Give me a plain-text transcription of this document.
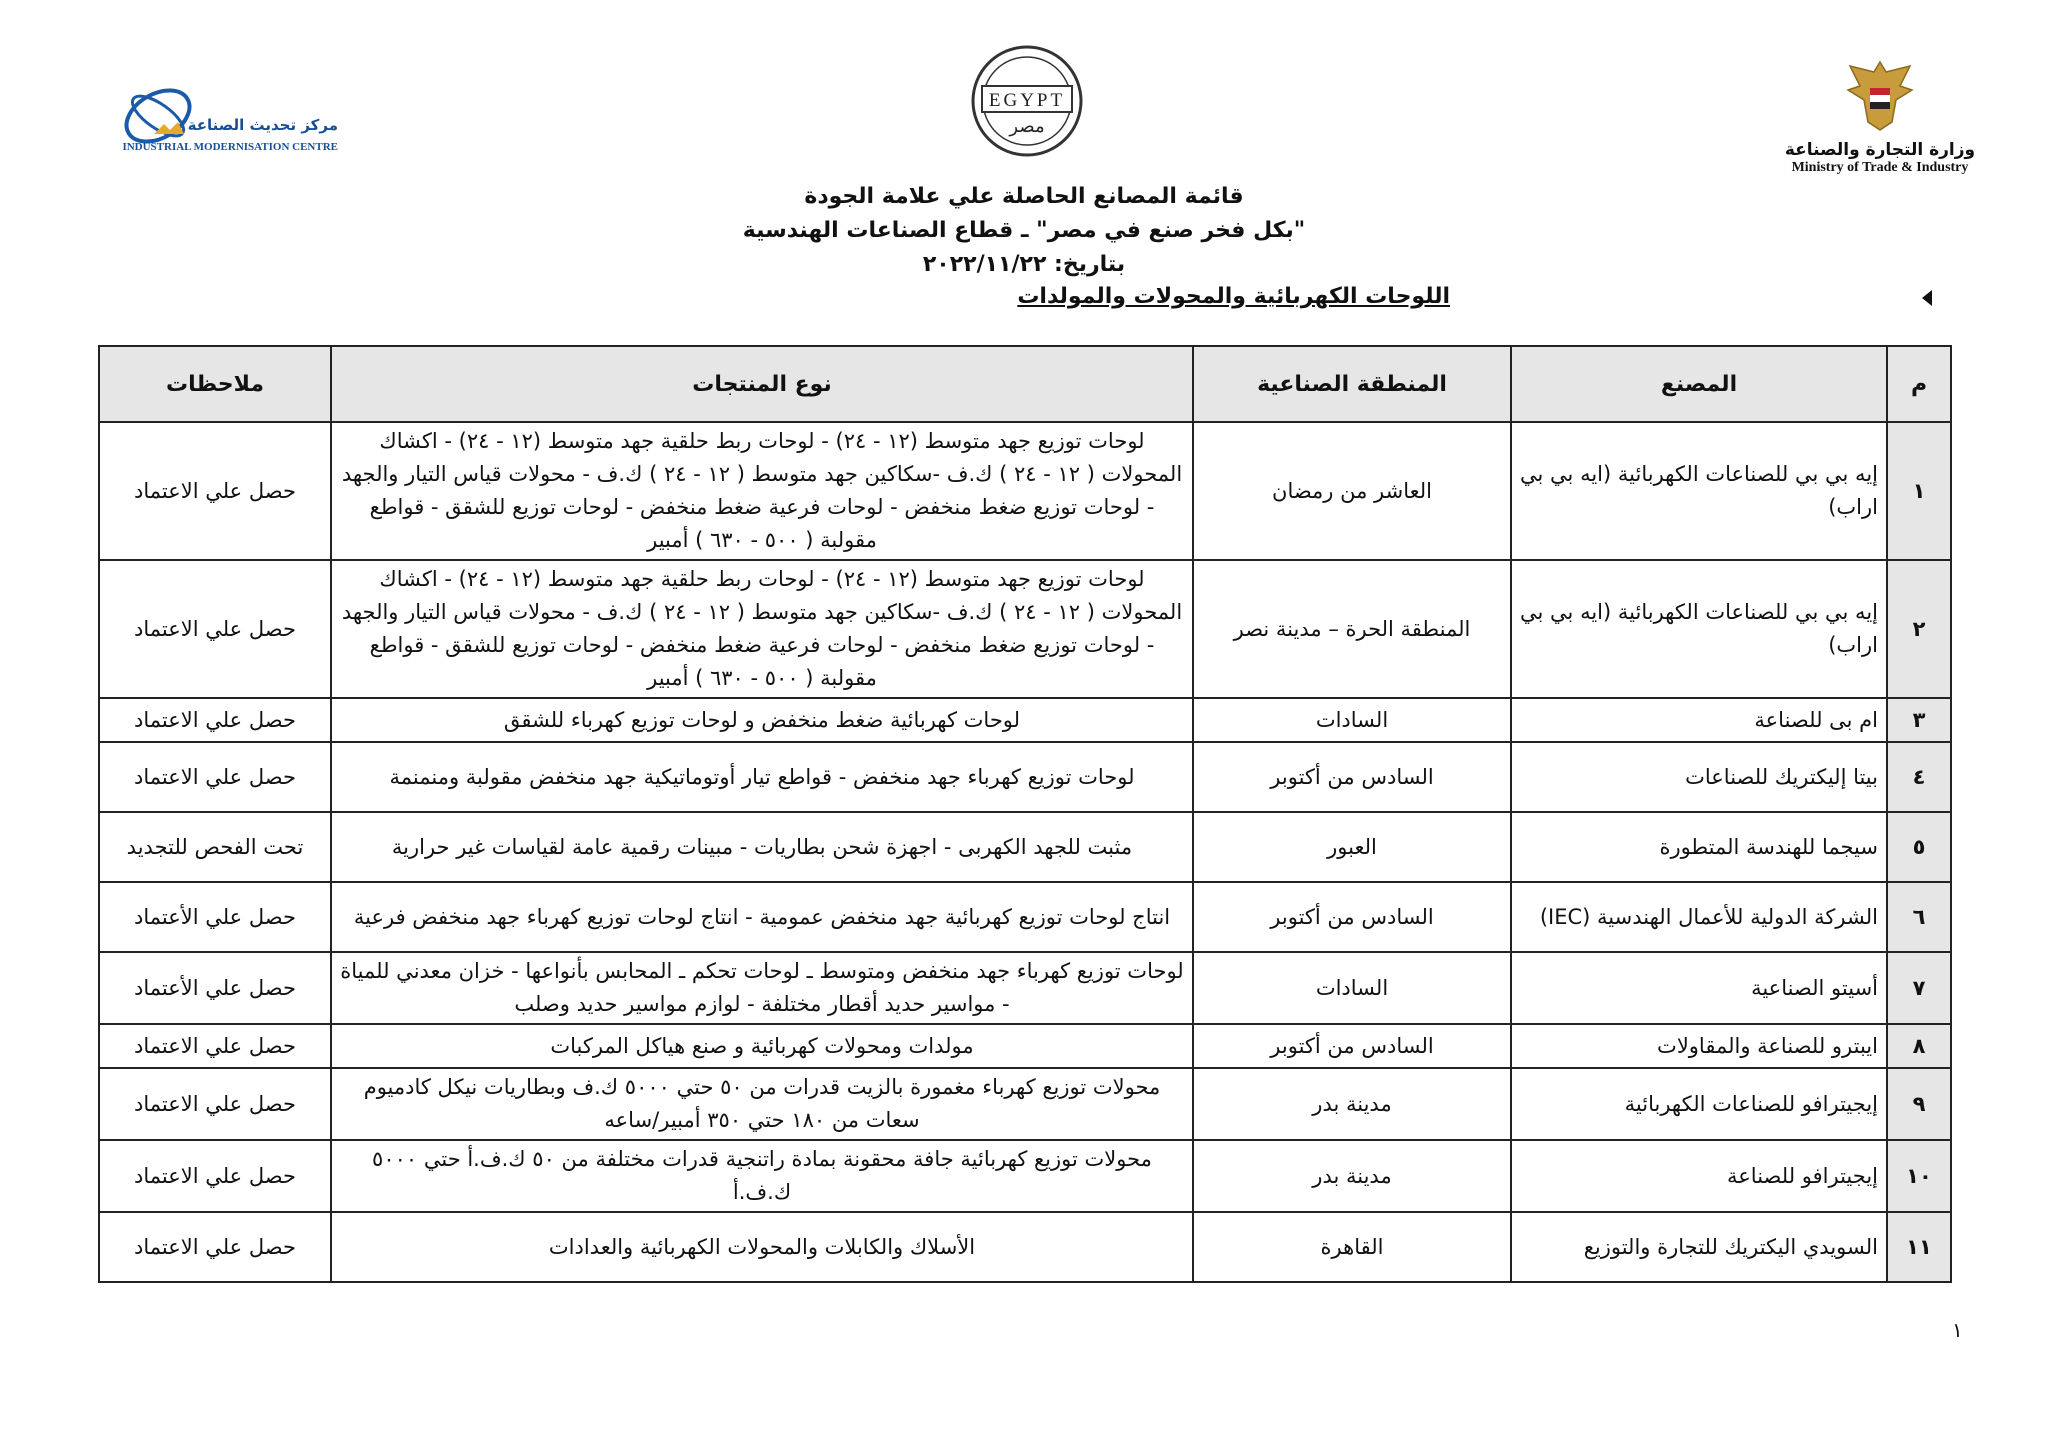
مركز تحديث الصناعة
INDUSTRIAL MODERNISATION CENTRE
EGYPT
مصر
وزارة التجارة والصناعة
Ministry of Trade & Industry
قائمة المصانع الحاصلة علي علامة الجودة
"بكل فخر صنع في مصر" ـ قطاع الصناعات الهندسية
بتاريخ: ٢٠٢٢/١١/٢٢
اللوحات الكهربائية والمحولات والمولدات
م	المصنع	المنطقة الصناعية	نوع المنتجات	ملاحظات
١	إيه بي بي للصناعات الكهربائية (ايه بي بي اراب)	العاشر من رمضان	لوحات توزيع جهد متوسط (١٢ - ٢٤) - لوحات ربط حلقية جهد متوسط (١٢ - ٢٤) - اكشاك المحولات ( ١٢ - ٢٤ ) ك.ف -سكاكين جهد متوسط ( ١٢ - ٢٤ ) ك.ف - محولات قياس التيار والجهد - لوحات توزيع ضغط منخفض - لوحات فرعية ضغط منخفض - لوحات توزيع للشقق - قواطع مقولبة ( ٥٠٠ - ٦٣٠ ) أمبير	حصل علي الاعتماد
٢	إيه بي بي للصناعات الكهربائية (ايه بي بي اراب)	المنطقة الحرة – مدينة نصر	لوحات توزيع جهد متوسط (١٢ - ٢٤) - لوحات ربط حلقية جهد متوسط (١٢ - ٢٤) - اكشاك المحولات ( ١٢ - ٢٤ ) ك.ف -سكاكين جهد متوسط ( ١٢ - ٢٤ ) ك.ف - محولات قياس التيار والجهد - لوحات توزيع ضغط منخفض - لوحات فرعية ضغط منخفض - لوحات توزيع للشقق - قواطع مقولبة ( ٥٠٠ - ٦٣٠ ) أمبير	حصل علي الاعتماد
٣	ام بى للصناعة	السادات	لوحات كهربائية ضغط منخفض و لوحات توزيع كهرباء للشقق	حصل علي الاعتماد
٤	بيتا إليكتريك للصناعات	السادس من أكتوبر	لوحات توزيع كهرباء جهد منخفض - قواطع تيار أوتوماتيكية جهد منخفض مقولبة ومنمنمة	حصل علي الاعتماد
٥	سيجما للهندسة المتطورة	العبور	مثبت للجهد الكهربى - اجهزة شحن بطاريات - مبينات رقمية عامة لقياسات غير حرارية	تحت الفحص للتجديد
٦	الشركة الدولية للأعمال الهندسية (IEC)	السادس من أكتوبر	انتاج لوحات توزيع كهربائية جهد منخفض عمومية - انتاج لوحات توزيع كهرباء جهد منخفض فرعية	حصل علي الأعتماد
٧	أسيتو الصناعية	السادات	لوحات توزيع كهرباء جهد منخفض ومتوسط ـ لوحات تحكم ـ المحابس بأنواعها - خزان معدني للمياة - مواسير حديد أقطار مختلفة - لوازم مواسير حديد وصلب	حصل علي الأعتماد
٨	ايبترو للصناعة والمقاولات	السادس من أكتوبر	مولدات ومحولات كهربائية و صنع هياكل المركبات	حصل علي الاعتماد
٩	إيجيترافو للصناعات الكهربائية	مدينة بدر	محولات توزيع كهرباء مغمورة بالزيت قدرات من ٥٠ حتي ٥٠٠٠ ك.ف وبطاريات نيكل كادميوم سعات من ١٨٠ حتي ٣٥٠ أمبير/ساعه	حصل علي الاعتماد
١٠	إيجيترافو للصناعة	مدينة بدر	محولات توزيع كهربائية جافة محقونة بمادة راتنجية قدرات مختلفة من ٥٠ ك.ف.أ حتي ٥٠٠٠ ك.ف.أ	حصل علي الاعتماد
١١	السويدي اليكتريك للتجارة والتوزيع	القاهرة	الأسلاك والكابلات والمحولات الكهربائية والعدادات	حصل علي الاعتماد
١
